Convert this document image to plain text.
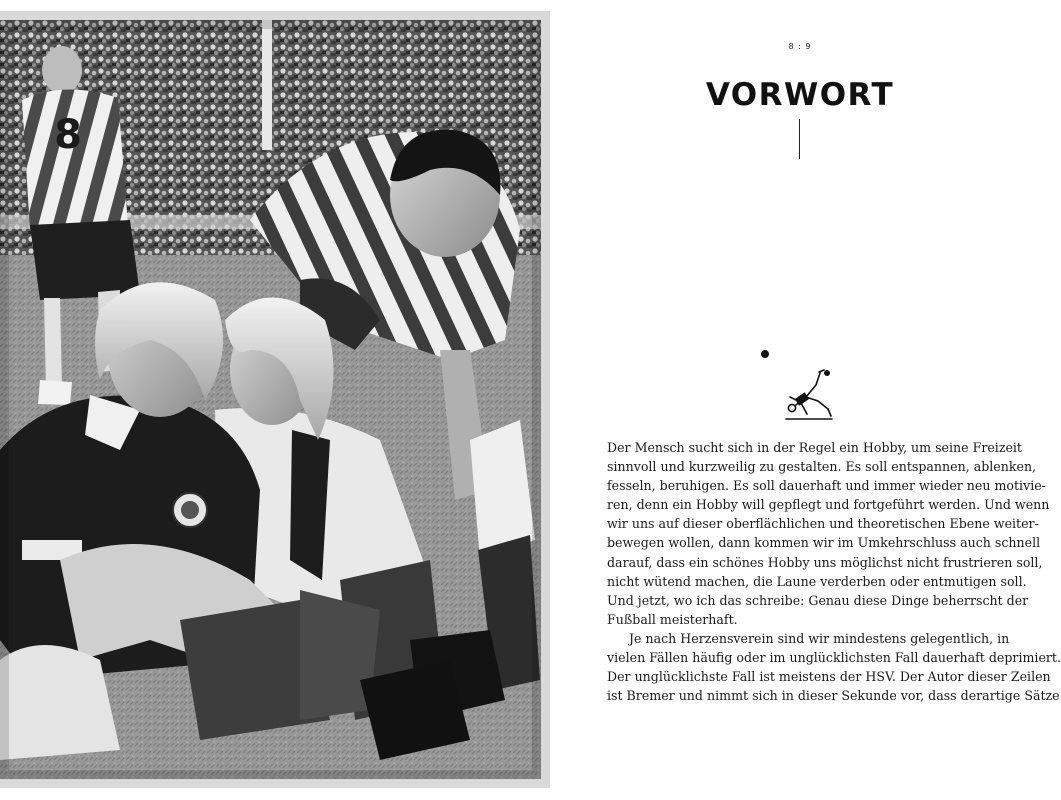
8
8 : 9
VORWORT

Der Mensch sucht sich in der Regel ein Hobby, um seine Freizeit
sinnvoll und kurzweilig zu gestalten. Es soll entspannen, ablenken,
fesseln, beruhigen. Es soll dauerhaft und immer wieder neu motivie-
ren, denn ein Hobby will gepflegt und fortgeführt werden. Und wenn
wir uns auf dieser oberflächlichen und theoretischen Ebene weiter-
bewegen wollen, dann kommen wir im Umkehrschluss auch schnell
darauf, dass ein schönes Hobby uns möglichst nicht frustrieren soll,
nicht wütend machen, die Laune verderben oder entmutigen soll.
Und jetzt, wo ich das schreibe: Genau diese Dinge beherrscht der
Fußball meisterhaft.

Je nach Herzensverein sind wir mindestens gelegentlich, in
vielen Fällen häufig oder im unglücklichsten Fall dauerhaft deprimiert.
Der unglücklichste Fall ist meistens der HSV. Der Autor dieser Zeilen
ist Bremer und nimmt sich in dieser Sekunde vor, dass derartige Sätze
